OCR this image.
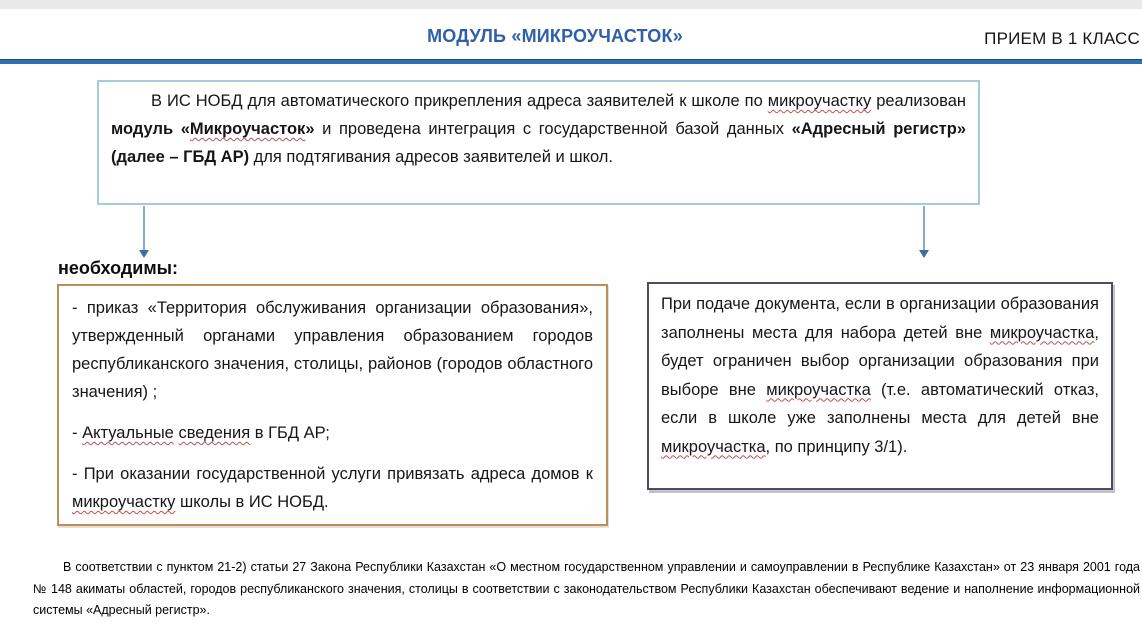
МОДУЛЬ «МИКРОУЧАСТОК»	ПРИЕМ В 1 КЛАСС

В ИС НОБД для автоматического прикрепления адреса заявителей к школе по микроучастку реализован модуль «Микроучасток» и проведена интеграция с государственной базой данных «Адресный регистр» (далее – ГБД АР) для подтягивания адресов заявителей и школ.

необходимы:

- приказ «Территория обслуживания организации образования», утвержденный органами управления образованием городов республиканского значения, столицы, районов (городов областного значения) ;

- Актуальные сведения в ГБД АР;

- При оказании государственной услуги привязать адреса домов к микроучастку школы в ИС НОБД.

При подаче документа, если в организации образования заполнены места для набора детей вне микроучастка, будет ограничен выбор организации образования при выборе вне микроучастка (т.е. автоматический отказ, если в школе уже заполнены места для детей вне микроучастка, по принципу 3/1).

В соответствии с пунктом 21-2) статьи 27 Закона Республики Казахстан «О местном государственном управлении и самоуправлении в Республике Казахстан» от 23 января 2001 года № 148 акиматы областей, городов республиканского значения, столицы в соответствии с законодательством Республики Казахстан обеспечивают ведение и наполнение информационной системы «Адресный регистр».
